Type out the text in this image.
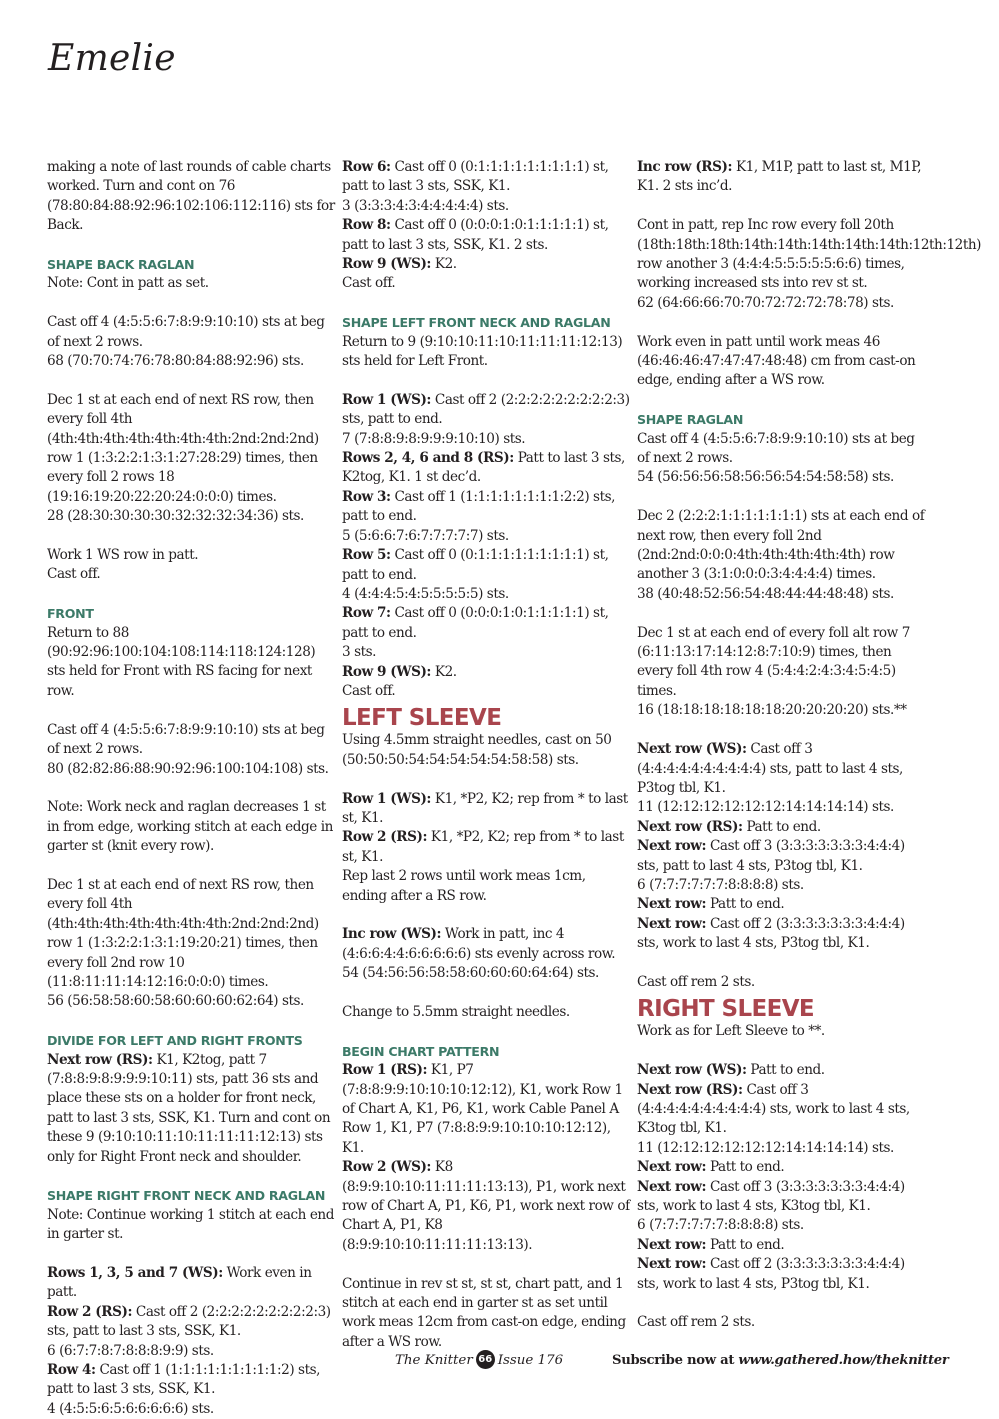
Emelie

making a note of last rounds of cable charts worked. Turn and cont on 76 (78:80:84:88:92:96:102:106:112:116) sts for Back.

SHAPE BACK RAGLAN

Note: Cont in patt as set.

Cast off 4 (4:5:5:6:7:8:9:9:10:10) sts at beg of next 2 rows.

68 (70:70:74:76:78:80:84:88:92:96) sts.

Dec 1 st at each end of next RS row, then every foll 4th (4th:4th:4th:4th:4th:4th:4th:2nd:2nd:2nd) row 1 (1:3:2:2:1:3:1:27:28:29) times, then every foll 2 rows 18 (19:16:19:20:22:20:24:0:0:0) times.

28 (28:30:30:30:30:32:32:32:34:36) sts.

Work 1 WS row in patt.

Cast off.

FRONT

Return to 88 (90:92:96:100:104:108:114:118:124:128) sts held for Front with RS facing for next row.

Cast off 4 (4:5:5:6:7:8:9:9:10:10) sts at beg of next 2 rows.

80 (82:82:86:88:90:92:96:100:104:108) sts.

Note: Work neck and raglan decreases 1 st in from edge, working stitch at each edge in garter st (knit every row).

Dec 1 st at each end of next RS row, then every foll 4th (4th:4th:4th:4th:4th:4th:4th:2nd:2nd:2nd) row 1 (1:3:2:2:1:3:1:19:20:21) times, then every foll 2nd row 10 (11:8:11:11:14:12:16:0:0:0) times.

56 (56:58:58:60:58:60:60:60:62:64) sts.

DIVIDE FOR LEFT AND RIGHT FRONTS

Next row (RS): K1, K2tog, patt 7 (7:8:8:9:8:9:9:9:10:11) sts, patt 36 sts and place these sts on a holder for front neck, patt to last 3 sts, SSK, K1. Turn and cont on these 9 (9:10:10:11:10:11:11:11:12:13) sts only for Right Front neck and shoulder.

SHAPE RIGHT FRONT NECK AND RAGLAN

Note: Continue working 1 stitch at each end in garter st.

Rows 1, 3, 5 and 7 (WS): Work even in patt.

Row 2 (RS): Cast off 2 (2:2:2:2:2:2:2:2:2:3) sts, patt to last 3 sts, SSK, K1.

6 (6:7:7:8:7:8:8:8:9:9) sts.

Row 4: Cast off 1 (1:1:1:1:1:1:1:1:1:2) sts, patt to last 3 sts, SSK, K1.

4 (4:5:5:6:5:6:6:6:6:6) sts.

Row 6: Cast off 0 (0:1:1:1:1:1:1:1:1:1) st, patt to last 3 sts, SSK, K1.

3 (3:3:3:4:3:4:4:4:4:4) sts.

Row 8: Cast off 0 (0:0:0:1:0:1:1:1:1:1) st, patt to last 3 sts, SSK, K1. 2 sts.

Row 9 (WS): K2.

Cast off.

SHAPE LEFT FRONT NECK AND RAGLAN

Return to 9 (9:10:10:11:10:11:11:11:12:13) sts held for Left Front.

Row 1 (WS): Cast off 2 (2:2:2:2:2:2:2:2:2:3) sts, patt to end.

7 (7:8:8:9:8:9:9:9:10:10) sts.

Rows 2, 4, 6 and 8 (RS): Patt to last 3 sts, K2tog, K1. 1 st dec’d.

Row 3: Cast off 1 (1:1:1:1:1:1:1:1:2:2) sts, patt to end.

5 (5:6:6:7:6:7:7:7:7:7) sts.

Row 5: Cast off 0 (0:1:1:1:1:1:1:1:1:1) st, patt to end.

4 (4:4:4:5:4:5:5:5:5:5) sts.

Row 7: Cast off 0 (0:0:0:1:0:1:1:1:1:1) st, patt to end.

3 sts.

Row 9 (WS): K2.

Cast off.

LEFT SLEEVE

Using 4.5mm straight needles, cast on 50 (50:50:50:54:54:54:54:54:58:58) sts.

Row 1 (WS): K1, *P2, K2; rep from * to last st, K1.

Row 2 (RS): K1, *P2, K2; rep from * to last st, K1.

Rep last 2 rows until work meas 1cm, ending after a RS row.

Inc row (WS): Work in patt, inc 4 (4:6:6:4:4:6:6:6:6:6) sts evenly across row.

54 (54:56:56:58:58:60:60:60:64:64) sts.

Change to 5.5mm straight needles.

BEGIN CHART PATTERN

Row 1 (RS): K1, P7 (7:8:8:9:9:10:10:10:12:12), K1, work Row 1 of Chart A, K1, P6, K1, work Cable Panel A Row 1, K1, P7 (7:8:8:9:9:10:10:10:12:12), K1.

Row 2 (WS): K8 (8:9:9:10:10:11:11:11:13:13), P1, work next row of Chart A, P1, K6, P1, work next row of Chart A, P1, K8 (8:9:9:10:10:11:11:11:13:13).

Continue in rev st st, st st, chart patt, and 1 stitch at each end in garter st as set until work meas 12cm from cast-on edge, ending after a WS row.

Inc row (RS): K1, M1P, patt to last st, M1P, K1. 2 sts inc’d.

Cont in patt, rep Inc row every foll 20th (18th:18th:18th:14th:14th:14th:14th:14th:12th:12th) row another 3 (4:4:4:5:5:5:5:5:6:6) times, working increased sts into rev st st.

62 (64:66:66:70:70:72:72:72:78:78) sts.

Work even in patt until work meas 46 (46:46:46:47:47:47:48:48) cm from cast-on edge, ending after a WS row.

SHAPE RAGLAN

Cast off 4 (4:5:5:6:7:8:9:9:10:10) sts at beg of next 2 rows.

54 (56:56:56:58:56:56:54:54:58:58) sts.

Dec 2 (2:2:2:1:1:1:1:1:1:1) sts at each end of next row, then every foll 2nd (2nd:2nd:0:0:0:4th:4th:4th:4th:4th) row another 3 (3:1:0:0:0:3:4:4:4:4) times.

38 (40:48:52:56:54:48:44:44:48:48) sts.

Dec 1 st at each end of every foll alt row 7 (6:11:13:17:14:12:8:7:10:9) times, then every foll 4th row 4 (5:4:4:2:4:3:4:5:4:5) times.

16 (18:18:18:18:18:18:20:20:20:20) sts.**

Next row (WS): Cast off 3 (4:4:4:4:4:4:4:4:4:4) sts, patt to last 4 sts, P3tog tbl, K1.

11 (12:12:12:12:12:12:14:14:14:14) sts.

Next row (RS): Patt to end.

Next row: Cast off 3 (3:3:3:3:3:3:3:4:4:4) sts, patt to last 4 sts, P3tog tbl, K1.

6 (7:7:7:7:7:7:8:8:8:8) sts.

Next row: Patt to end.

Next row: Cast off 2 (3:3:3:3:3:3:3:4:4:4) sts, work to last 4 sts, P3tog tbl, K1.

Cast off rem 2 sts.

RIGHT SLEEVE

Work as for Left Sleeve to **.

Next row (WS): Patt to end.

Next row (RS): Cast off 3 (4:4:4:4:4:4:4:4:4:4) sts, work to last 4 sts, K3tog tbl, K1.

11 (12:12:12:12:12:12:14:14:14:14) sts.

Next row: Patt to end.

Next row: Cast off 3 (3:3:3:3:3:3:3:4:4:4) sts, work to last 4 sts, K3tog tbl, K1.

6 (7:7:7:7:7:7:8:8:8:8) sts.

Next row: Patt to end.

Next row: Cast off 2 (3:3:3:3:3:3:3:4:4:4) sts, work to last 4 sts, P3tog tbl, K1.

Cast off rem 2 sts.

The Knitter 66 Issue 176	Subscribe now at www.gathered.how/theknitter
